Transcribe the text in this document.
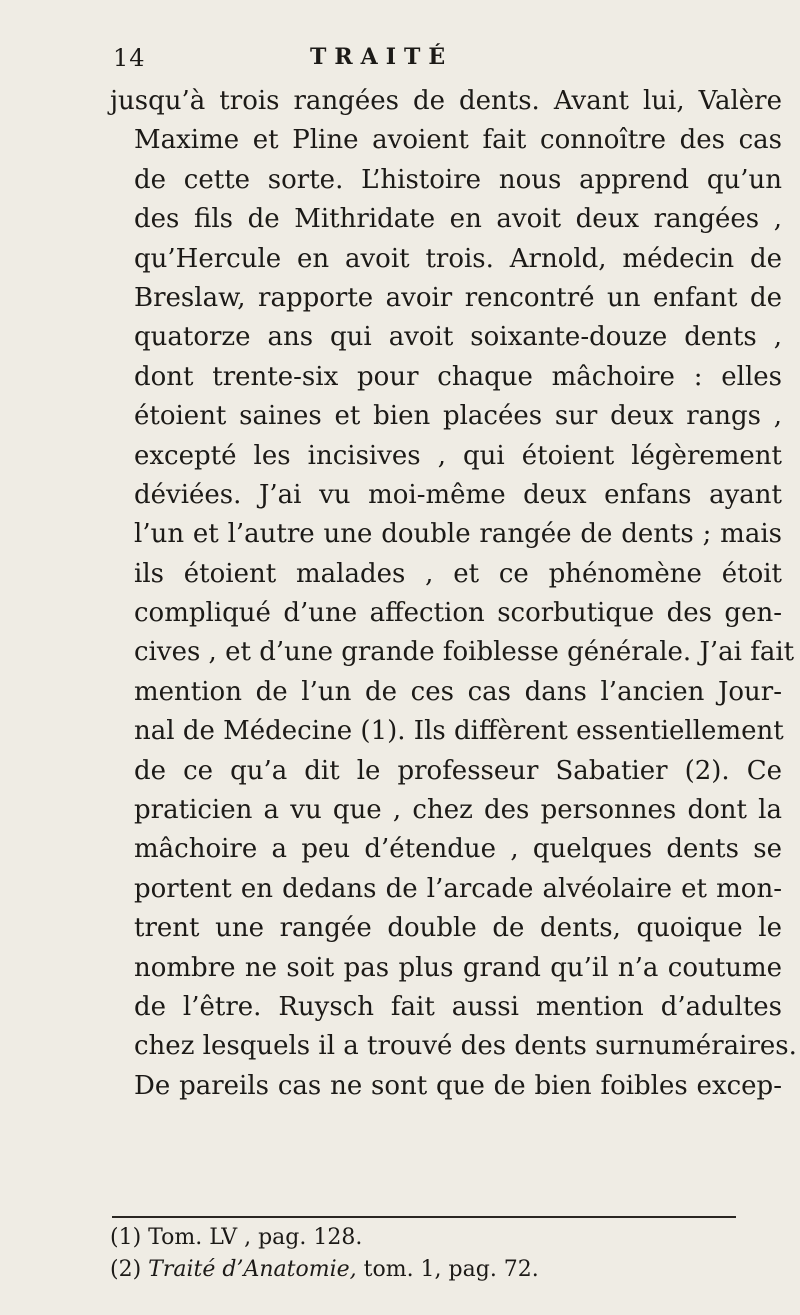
14	TRAITÉ
jusqu’à trois rangées de dents. Avant lui, Valère
Maxime et Pline avoient fait connoître des cas
de cette sorte. L’histoire nous apprend qu’un
des fils de Mithridate en avoit deux rangées ,
qu’Hercule en avoit trois. Arnold, médecin de
Breslaw, rapporte avoir rencontré un enfant de
quatorze ans qui avoit soixante-douze dents ,
dont trente-six pour chaque mâchoire : elles
étoient saines et bien placées sur deux rangs ,
excepté les incisives , qui étoient légèrement
déviées. J’ai vu moi-même deux enfans ayant
l’un et l’autre une double rangée de dents ; mais
ils étoient malades , et ce phénomène étoit
compliqué d’une affection scorbutique des gen-
cives , et d’une grande foiblesse générale. J’ai fait
mention de l’un de ces cas dans l’ancien Jour-
nal de Médecine (1). Ils diffèrent essentiellement
de ce qu’a dit le professeur Sabatier (2). Ce
praticien a vu que , chez des personnes dont la
mâchoire a peu d’étendue , quelques dents se
portent en dedans de l’arcade alvéolaire et mon-
trent une rangée double de dents, quoique le
nombre ne soit pas plus grand qu’il n’a coutume
de l’être. Ruysch fait aussi mention d’adultes
chez lesquels il a trouvé des dents surnuméraires.
De pareils cas ne sont que de bien foibles excep-
(1) Tom. LV , pag. 128.
(2) Traité d’Anatomie, tom. 1, pag. 72.
